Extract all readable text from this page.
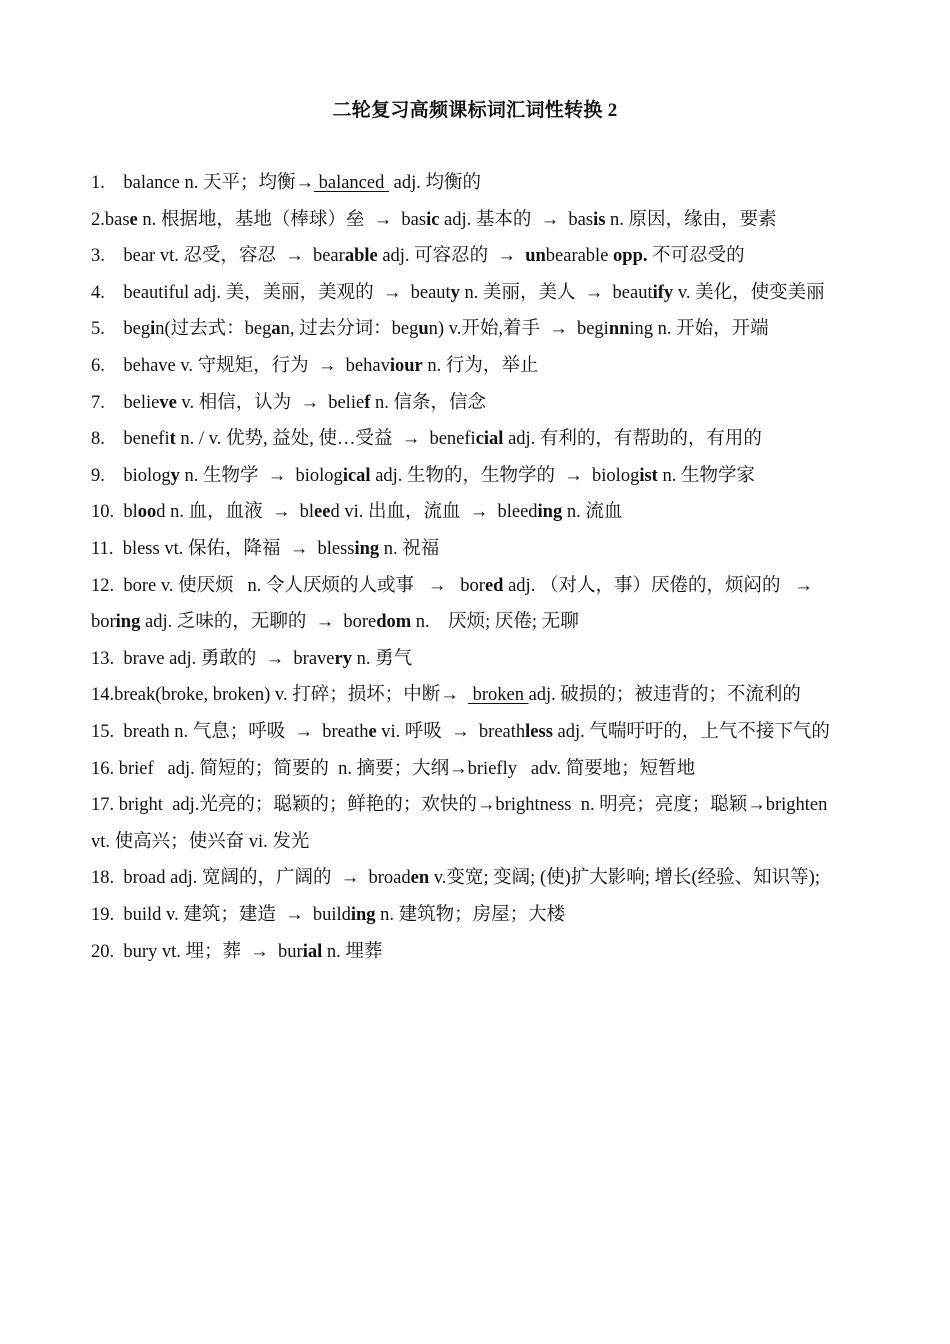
二轮复习高频课标词汇词性转换 2
1.    balance n. 天平；均衡→ balanced  adj. 均衡的
2.base n. 根据地，基地（棒球）垒  →  basic adj. 基本的  →  basis n. 原因，缘由，要素
3.    bear vt. 忍受，容忍  →  bearable adj. 可容忍的  →  unbearable opp. 不可忍受的
4.    beautiful adj. 美，美丽，美观的  →  beauty n. 美丽，美人  →  beautify v. 美化，使变美丽
5.    begin(过去式：began, 过去分词：begun) v.开始,着手  →  beginning n. 开始，开端
6.    behave v. 守规矩，行为  →  behaviour n. 行为，举止
7.    believe v. 相信，认为  →  belief n. 信条，信念
8.    benefit n. / v. 优势, 益处, 使…受益  →  beneficial adj. 有利的，有帮助的，有用的
9.    biology n. 生物学  →  biological adj. 生物的，生物学的  →  biologist n. 生物学家
10.  blood n. 血，血液  →  bleed vi. 出血，流血  →  bleeding n. 流血
11.  bless vt. 保佑，降福  →  blessing n. 祝福
12.  bore v. 使厌烦   n. 令人厌烦的人或事   →   bored adj. （对人，事）厌倦的，烦闷的   →
boring adj. 乏味的，无聊的  →  boredom n.    厌烦; 厌倦; 无聊
13.  brave adj. 勇敢的  →  bravery n. 勇气
14.break(broke, broken) v. 打碎；损坏；中断→   broken adj. 破损的；被违背的；不流利的
15.  breath n. 气息；呼吸  →  breathe vi. 呼吸  →  breathless adj. 气喘吁吁的，上气不接下气的
16. brief   adj. 简短的；简要的  n. 摘要；大纲→briefly   adv. 简要地；短暂地
17. bright  adj.光亮的；聪颖的；鲜艳的；欢快的→brightness  n. 明亮；亮度；聪颖→brighten
vt. 使高兴；使兴奋 vi. 发光
18.  broad adj. 宽阔的，广阔的  →  broaden v.变宽; 变阔; (使)扩大影响; 增长(经验、知识等);
19.  build v. 建筑；建造  →  building n. 建筑物；房屋；大楼
20.  bury vt. 埋；葬  →  burial n. 埋葬
